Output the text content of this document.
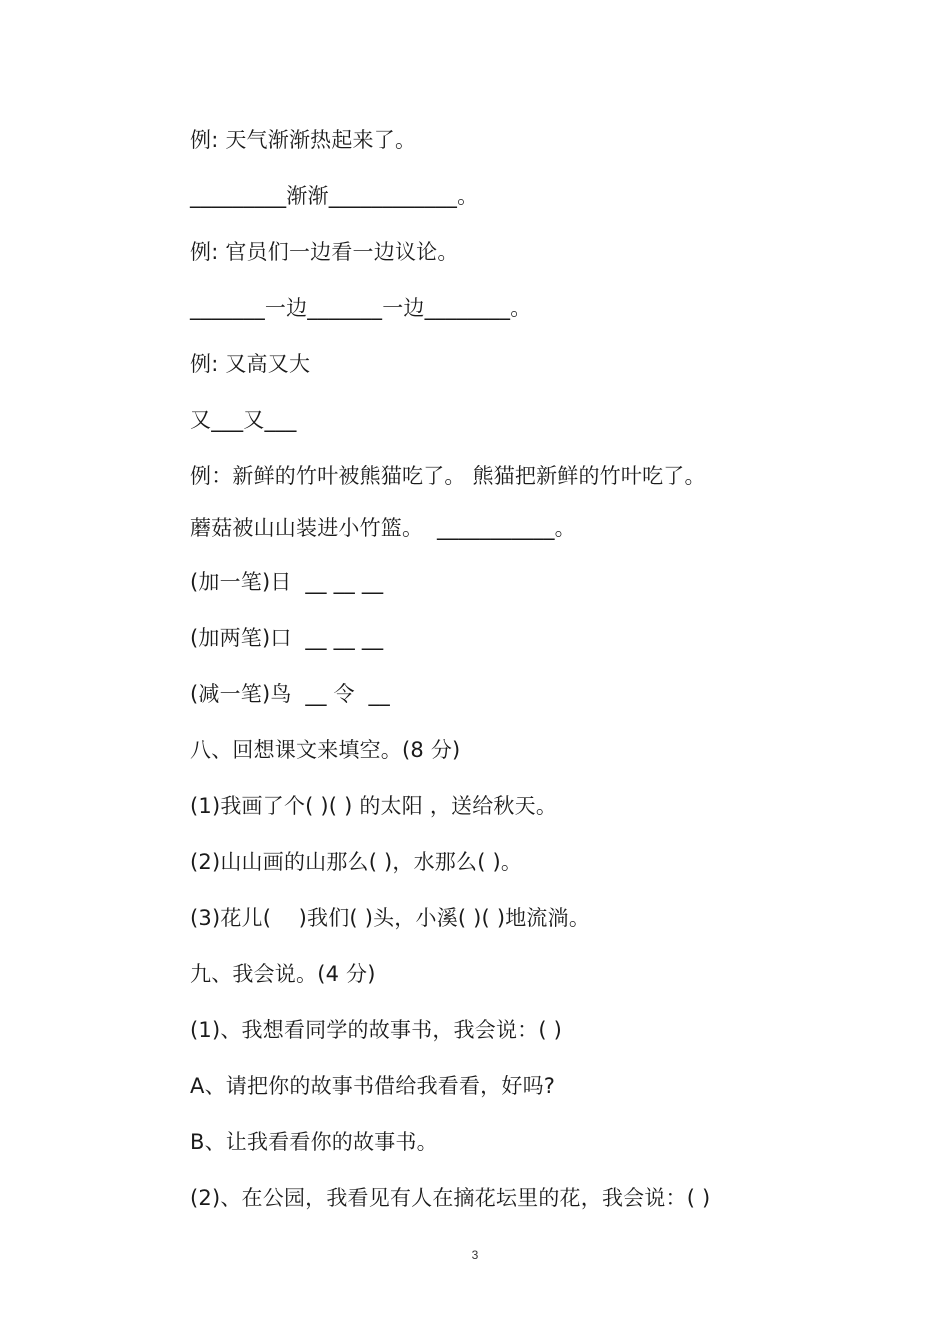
例: 天气渐渐热起来了。
_________渐渐____________。
例: 官员们一边看一边议论。
_______一边_______一边________。
例: 又高又大
又___又___
例：新鲜的竹叶被熊猫吃了。 熊猫把新鲜的竹叶吃了。
蘑菇被山山装进小竹篮。  ___________。
(加一笔)日  __ __ __
(加两笔)口  __ __ __
(减一笔)鸟  __ 令  __
八、回想课文来填空。(8 分)
(1)我画了个( )( ) 的太阳 ，送给秋天。
(2)山山画的山那么( )，水那么( )。
(3)花儿(    )我们( )头，小溪( )( )地流淌。
九、我会说。(4 分)
(1)、我想看同学的故事书，我会说：( )
A、请把你的故事书借给我看看，好吗?
B、让我看看你的故事书。
(2)、在公园，我看见有人在摘花坛里的花，我会说：( )
3
